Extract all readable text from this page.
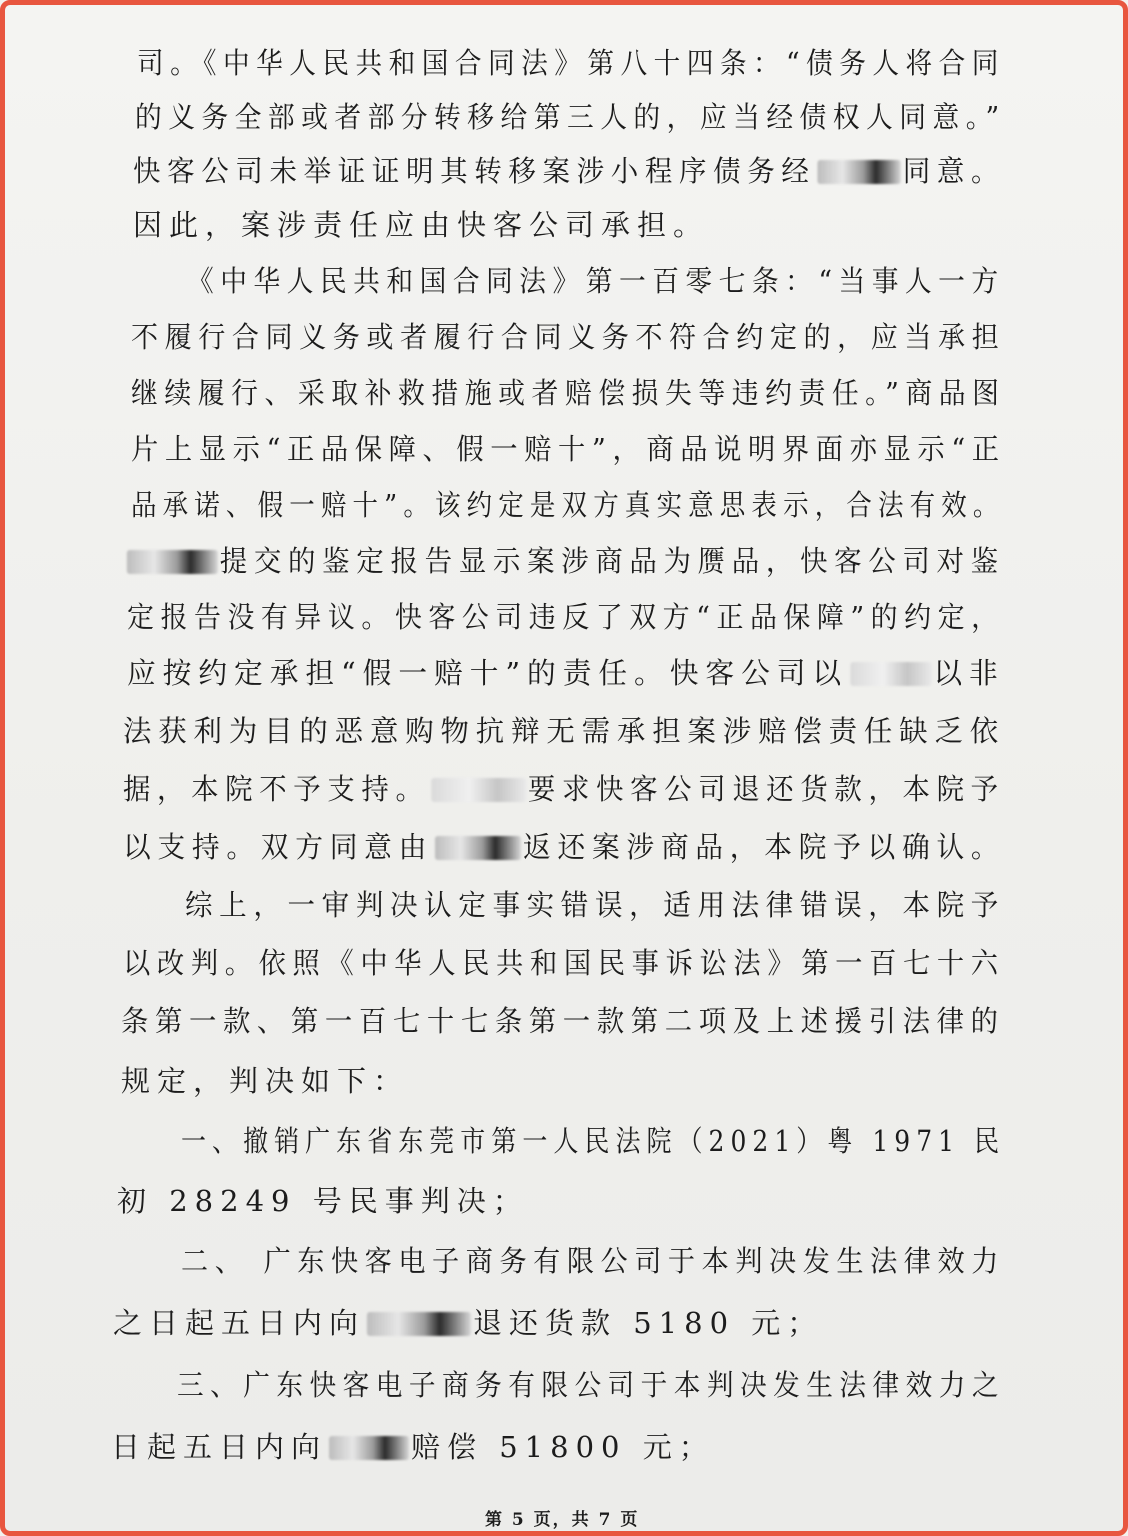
司。《中华人民共和国合同法》第八十四条：“债务人将合同
的义务全部或者部分转移给第三人的，应当经债权人同意。”
快客公司未举证证明其转移案涉小程序债务经	同意。
因此，案涉责任应由快客公司承担。
《中华人民共和国合同法》第一百零七条：“当事人一方
不履行合同义务或者履行合同义务不符合约定的，应当承担
继续履行、采取补救措施或者赔偿损失等违约责任。”商品图
片上显示“正品保障、假一赔十”，商品说明界面亦显示“正
品承诺、假一赔十”。该约定是双方真实意思表示，合法有效。
提交的鉴定报告显示案涉商品为赝品，快客公司对鉴
定报告没有异议。快客公司违反了双方“正品保障”的约定，
应按约定承担“假一赔十”的责任。快客公司以	以非
法获利为目的恶意购物抗辩无需承担案涉赔偿责任缺乏依
据，本院不予支持。	要求快客公司退还货款，本院予
以支持。双方同意由	返还案涉商品，本院予以确认。
综上，一审判决认定事实错误，适用法律错误，本院予
以改判。依照《中华人民共和国民事诉讼法》第一百七十六
条第一款、第一百七十七条第一款第二项及上述援引法律的
规定，判决如下：
一、撤销广东省东莞市第一人民法院（2021）粤 1971 民
初 28249 号民事判决；
二、 广东快客电子商务有限公司于本判决发生法律效力
之日起五日内向	退还货款 5180 元；
三、广东快客电子商务有限公司于本判决发生法律效力之
日起五日内向	赔偿 51800 元；
第 5 页，共 7 页
